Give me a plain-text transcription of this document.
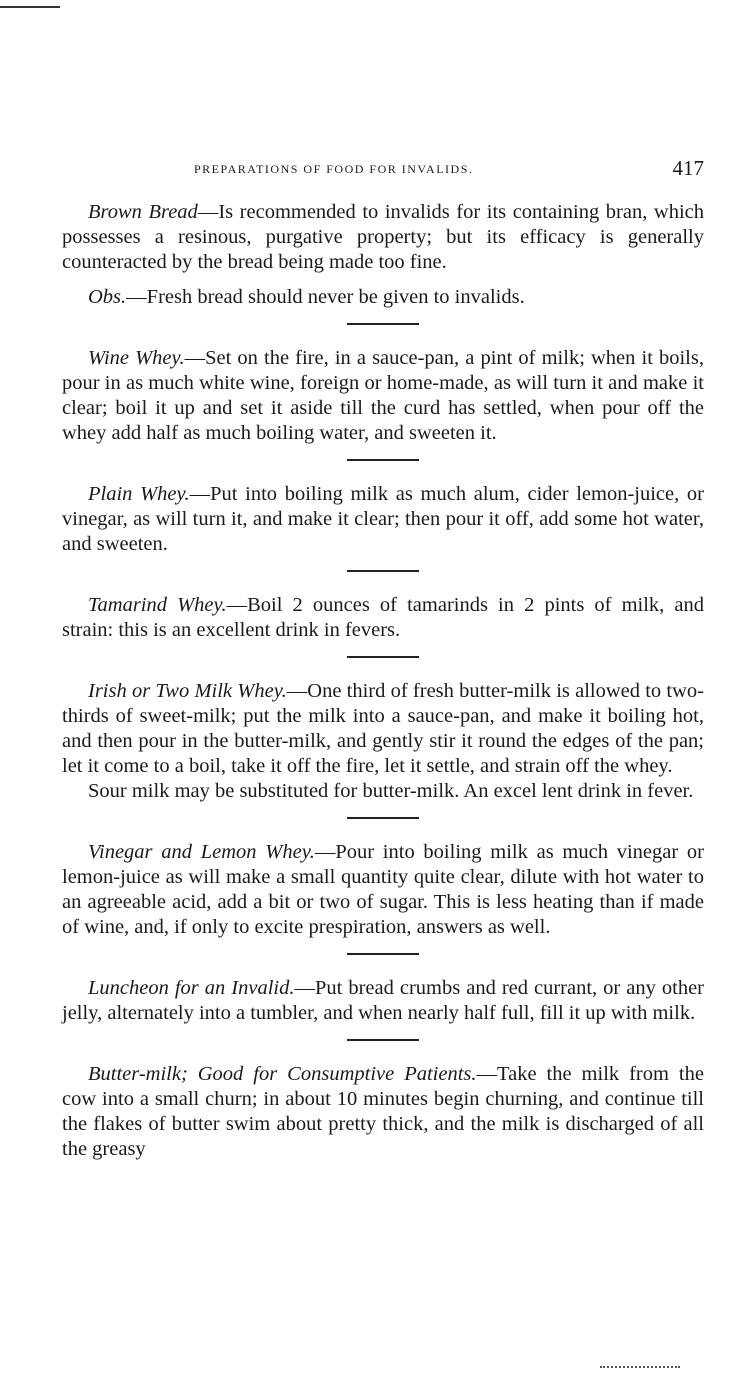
PREPARATIONS OF FOOD FOR INVALIDS.	417

Brown Bread—Is recommended to invalids for its containing bran, which possesses a resinous, purgative property; but its efficacy is generally counteracted by the bread being made too fine.

Obs.—Fresh bread should never be given to invalids.

Wine Whey.—Set on the fire, in a sauce-pan, a pint of milk; when it boils, pour in as much white wine, foreign or home-made, as will turn it and make it clear; boil it up and set it aside till the curd has settled, when pour off the whey add half as much boiling water, and sweeten it.

Plain Whey.—Put into boiling milk as much alum, cider lemon-juice, or vinegar, as will turn it, and make it clear; then pour it off, add some hot water, and sweeten.

Tamarind Whey.—Boil 2 ounces of tamarinds in 2 pints of milk, and strain: this is an excellent drink in fevers.

Irish or Two Milk Whey.—One third of fresh butter-milk is allowed to two-thirds of sweet-milk; put the milk into a sauce-pan, and make it boiling hot, and then pour in the butter-milk, and gently stir it round the edges of the pan; let it come to a boil, take it off the fire, let it settle, and strain off the whey.

Sour milk may be substituted for butter-milk. An excel lent drink in fever.

Vinegar and Lemon Whey.—Pour into boiling milk as much vinegar or lemon-juice as will make a small quantity quite clear, dilute with hot water to an agreeable acid, add a bit or two of sugar. This is less heating than if made of wine, and, if only to excite prespiration, answers as well.

Luncheon for an Invalid.—Put bread crumbs and red currant, or any other jelly, alternately into a tumbler, and when nearly half full, fill it up with milk.

Butter-milk; Good for Consumptive Patients.—Take the milk from the cow into a small churn; in about 10 minutes begin churning, and continue till the flakes of butter swim about pretty thick, and the milk is discharged of all the greasy
